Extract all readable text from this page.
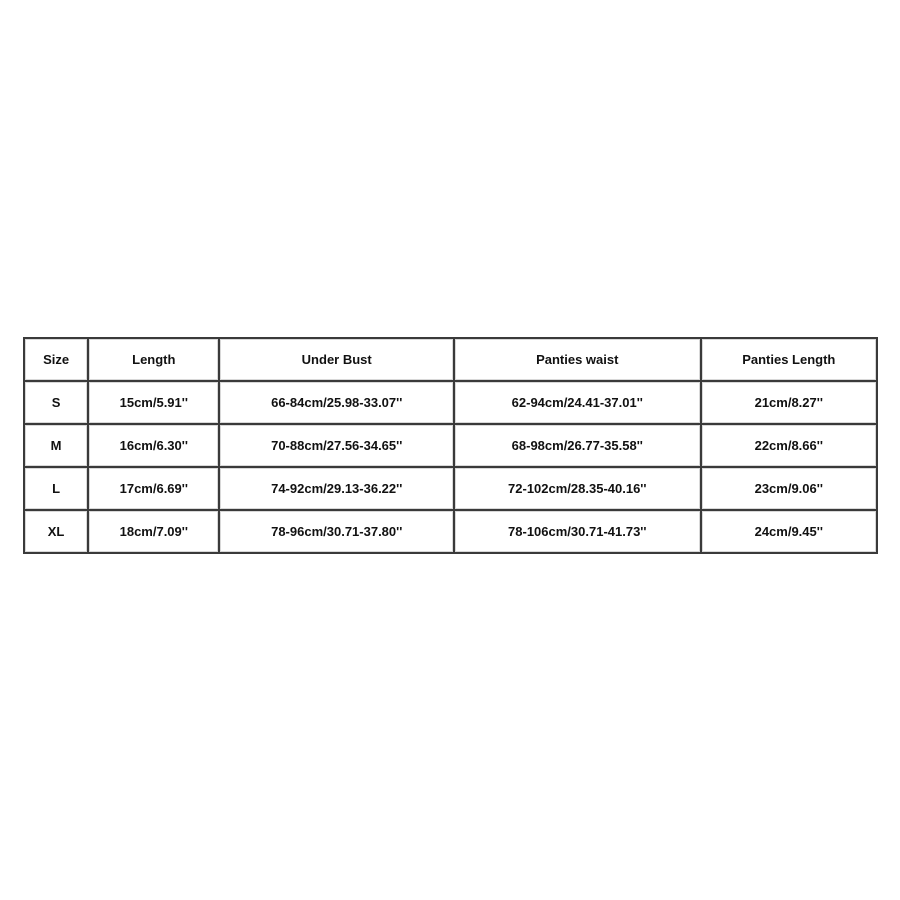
Size	Length	Under Bust	Panties waist	Panties Length
S	15cm/5.91''	66-84cm/25.98-33.07''	62-94cm/24.41-37.01''	21cm/8.27''
M	16cm/6.30''	70-88cm/27.56-34.65''	68-98cm/26.77-35.58''	22cm/8.66''
L	17cm/6.69''	74-92cm/29.13-36.22''	72-102cm/28.35-40.16''	23cm/9.06''
XL	18cm/7.09''	78-96cm/30.71-37.80''	78-106cm/30.71-41.73''	24cm/9.45''
